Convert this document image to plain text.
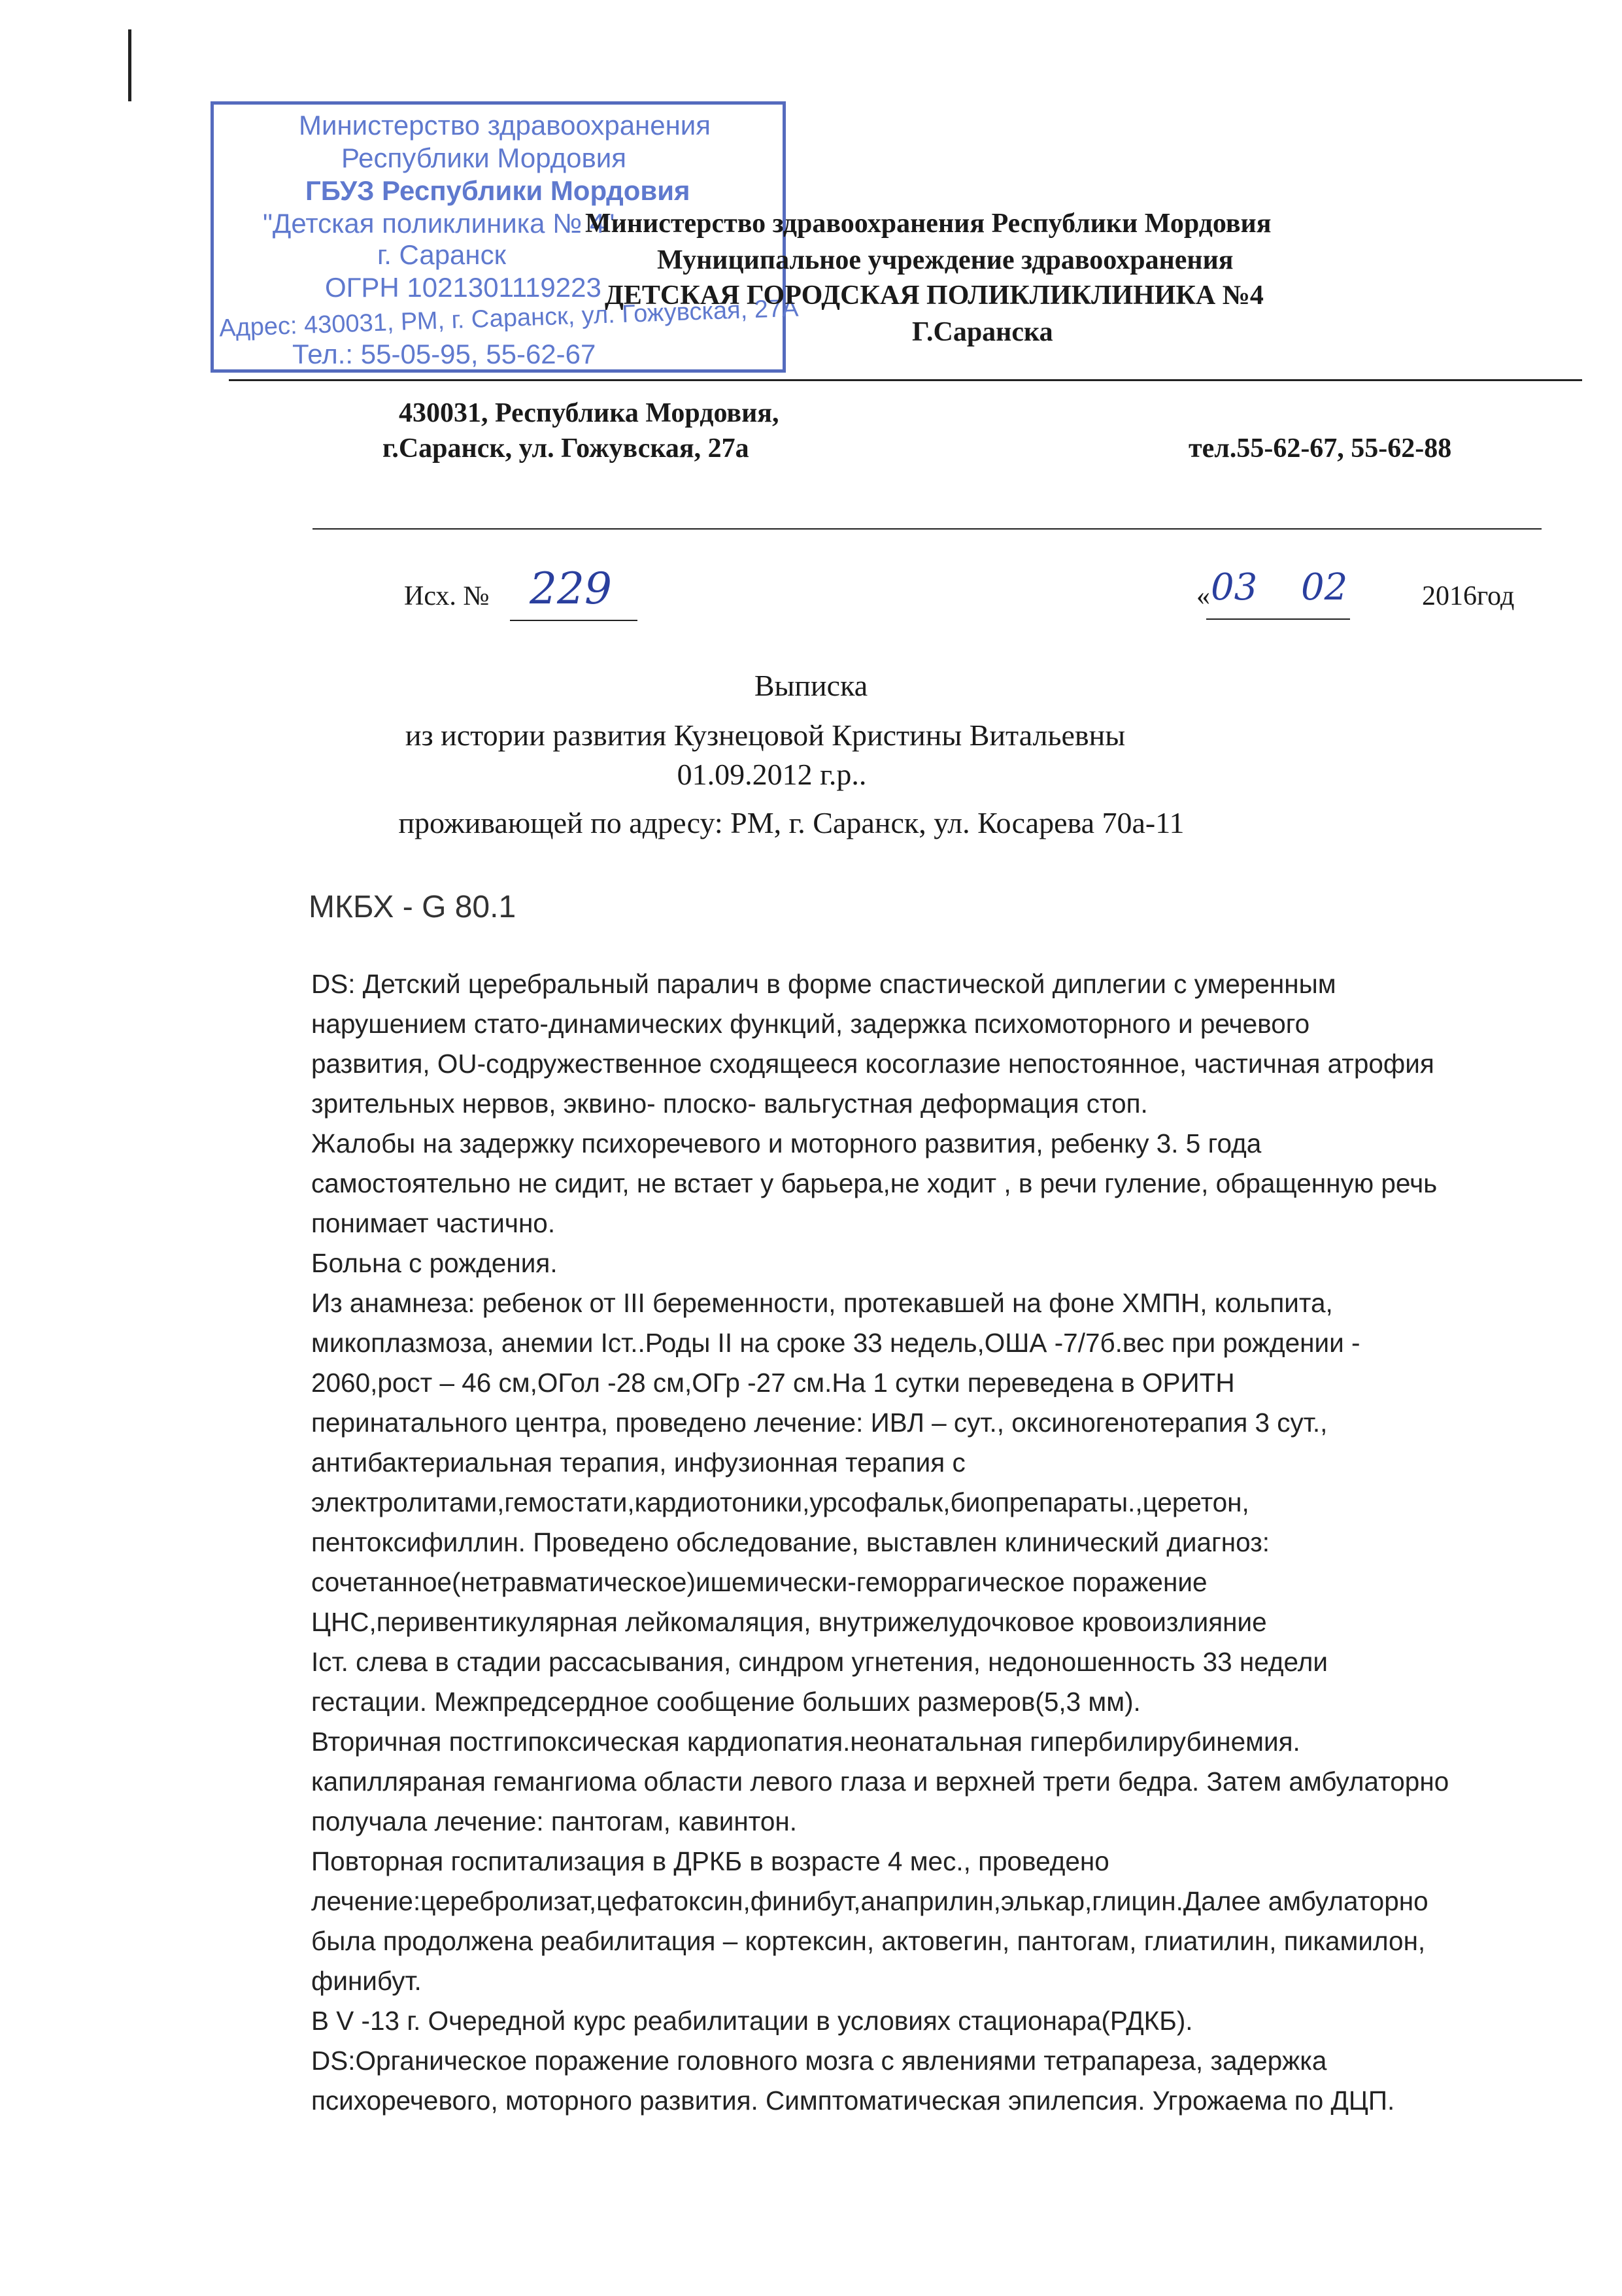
Министерство здравоохранения
Республики Мордовия
ГБУЗ Республики Мордовия
"Детская поликлиника № 4"
г. Саранск
ОГРН 1021301119223
Адрес: 430031, РМ, г. Саранск, ул. Гожувская, 27А
Тел.: 55-05-95, 55-62-67
Министерство здравоохранения Республики Мордовия
Муниципальное учреждение здравоохранения
ДЕТСКАЯ ГОРОДСКАЯ ПОЛИКЛИКЛИНИКА №4
Г.Саранска
430031, Республика Мордовия,
г.Саранск, ул. Гожувская, 27а	тел.55-62-67, 55-62-88
Исх. № 229	« 03 02	2016год
Выписка
из истории развития Кузнецовой Кристины Витальевны
01.09.2012 г.р..
проживающей по адресу: РМ, г. Саранск, ул. Косарева 70а-11
МКБХ - G 80.1

DS: Детский церебральный паралич в форме спастической диплегии с умеренным

нарушением стато-динамических функций, задержка психомоторного и речевого

развития, OU-содружественное сходящееся косоглазие непостоянное, частичная атрофия

зрительных нервов, эквино- плоско- вальгустная деформация стоп.

Жалобы на задержку психоречевого и моторного развития, ребенку 3. 5 года

самостоятельно не сидит, не встает у барьера,не ходит , в речи гуление, обращенную речь

понимает частично.

Больна с рождения.

Из анамнеза: ребенок от III беременности, протекавшей на фоне ХМПН, кольпита,

микоплазмоза, анемии Iст..Роды II на сроке 33 недель,ОША -7/7б.вес при рождении -

2060,рост – 46 см,ОГол -28 см,ОГр -27 см.На 1 сутки переведена в ОРИТН

перинатального центра, проведено лечение: ИВЛ – сут., оксиногенотерапия 3 сут.,

антибактериальная терапия, инфузионная терапия с

электролитами,гемостати,кардиотоники,урсофальк,биопрепараты.,церетон,

пентоксифиллин. Проведено обследование, выставлен клинический диагноз:

сочетанное(нетравматическое)ишемически-геморрагическое поражение

ЦНС,перивентикулярная лейкомаляция, внутрижелудочковое кровоизлияние

Iст. слева в стадии рассасывания, синдром угнетения, недоношенность 33 недели

гестации. Межпредсердное сообщение больших размеров(5,3 мм).

Вторичная постгипоксическая кардиопатия.неонатальная гипербилирубинемия.

капилляраная гемангиома области левого глаза и верхней трети бедра. Затем амбулаторно

получала лечение: пантогам, кавинтон.

Повторная госпитализация в ДРКБ в возрасте 4 мес., проведено

лечение:церебролизат,цефатоксин,финибут,анаприлин,элькар,глицин.Далее амбулаторно

была продолжена реабилитация – кортексин, актовегин, пантогам, глиатилин, пикамилон,

финибут.

В V -13 г. Очередной курс реабилитации в условиях стационара(РДКБ).

DS:Органическое поражение головного мозга с явлениями тетрапареза, задержка

психоречевого, моторного развития. Симптоматическая эпилепсия. Угрожаема по ДЦП.
